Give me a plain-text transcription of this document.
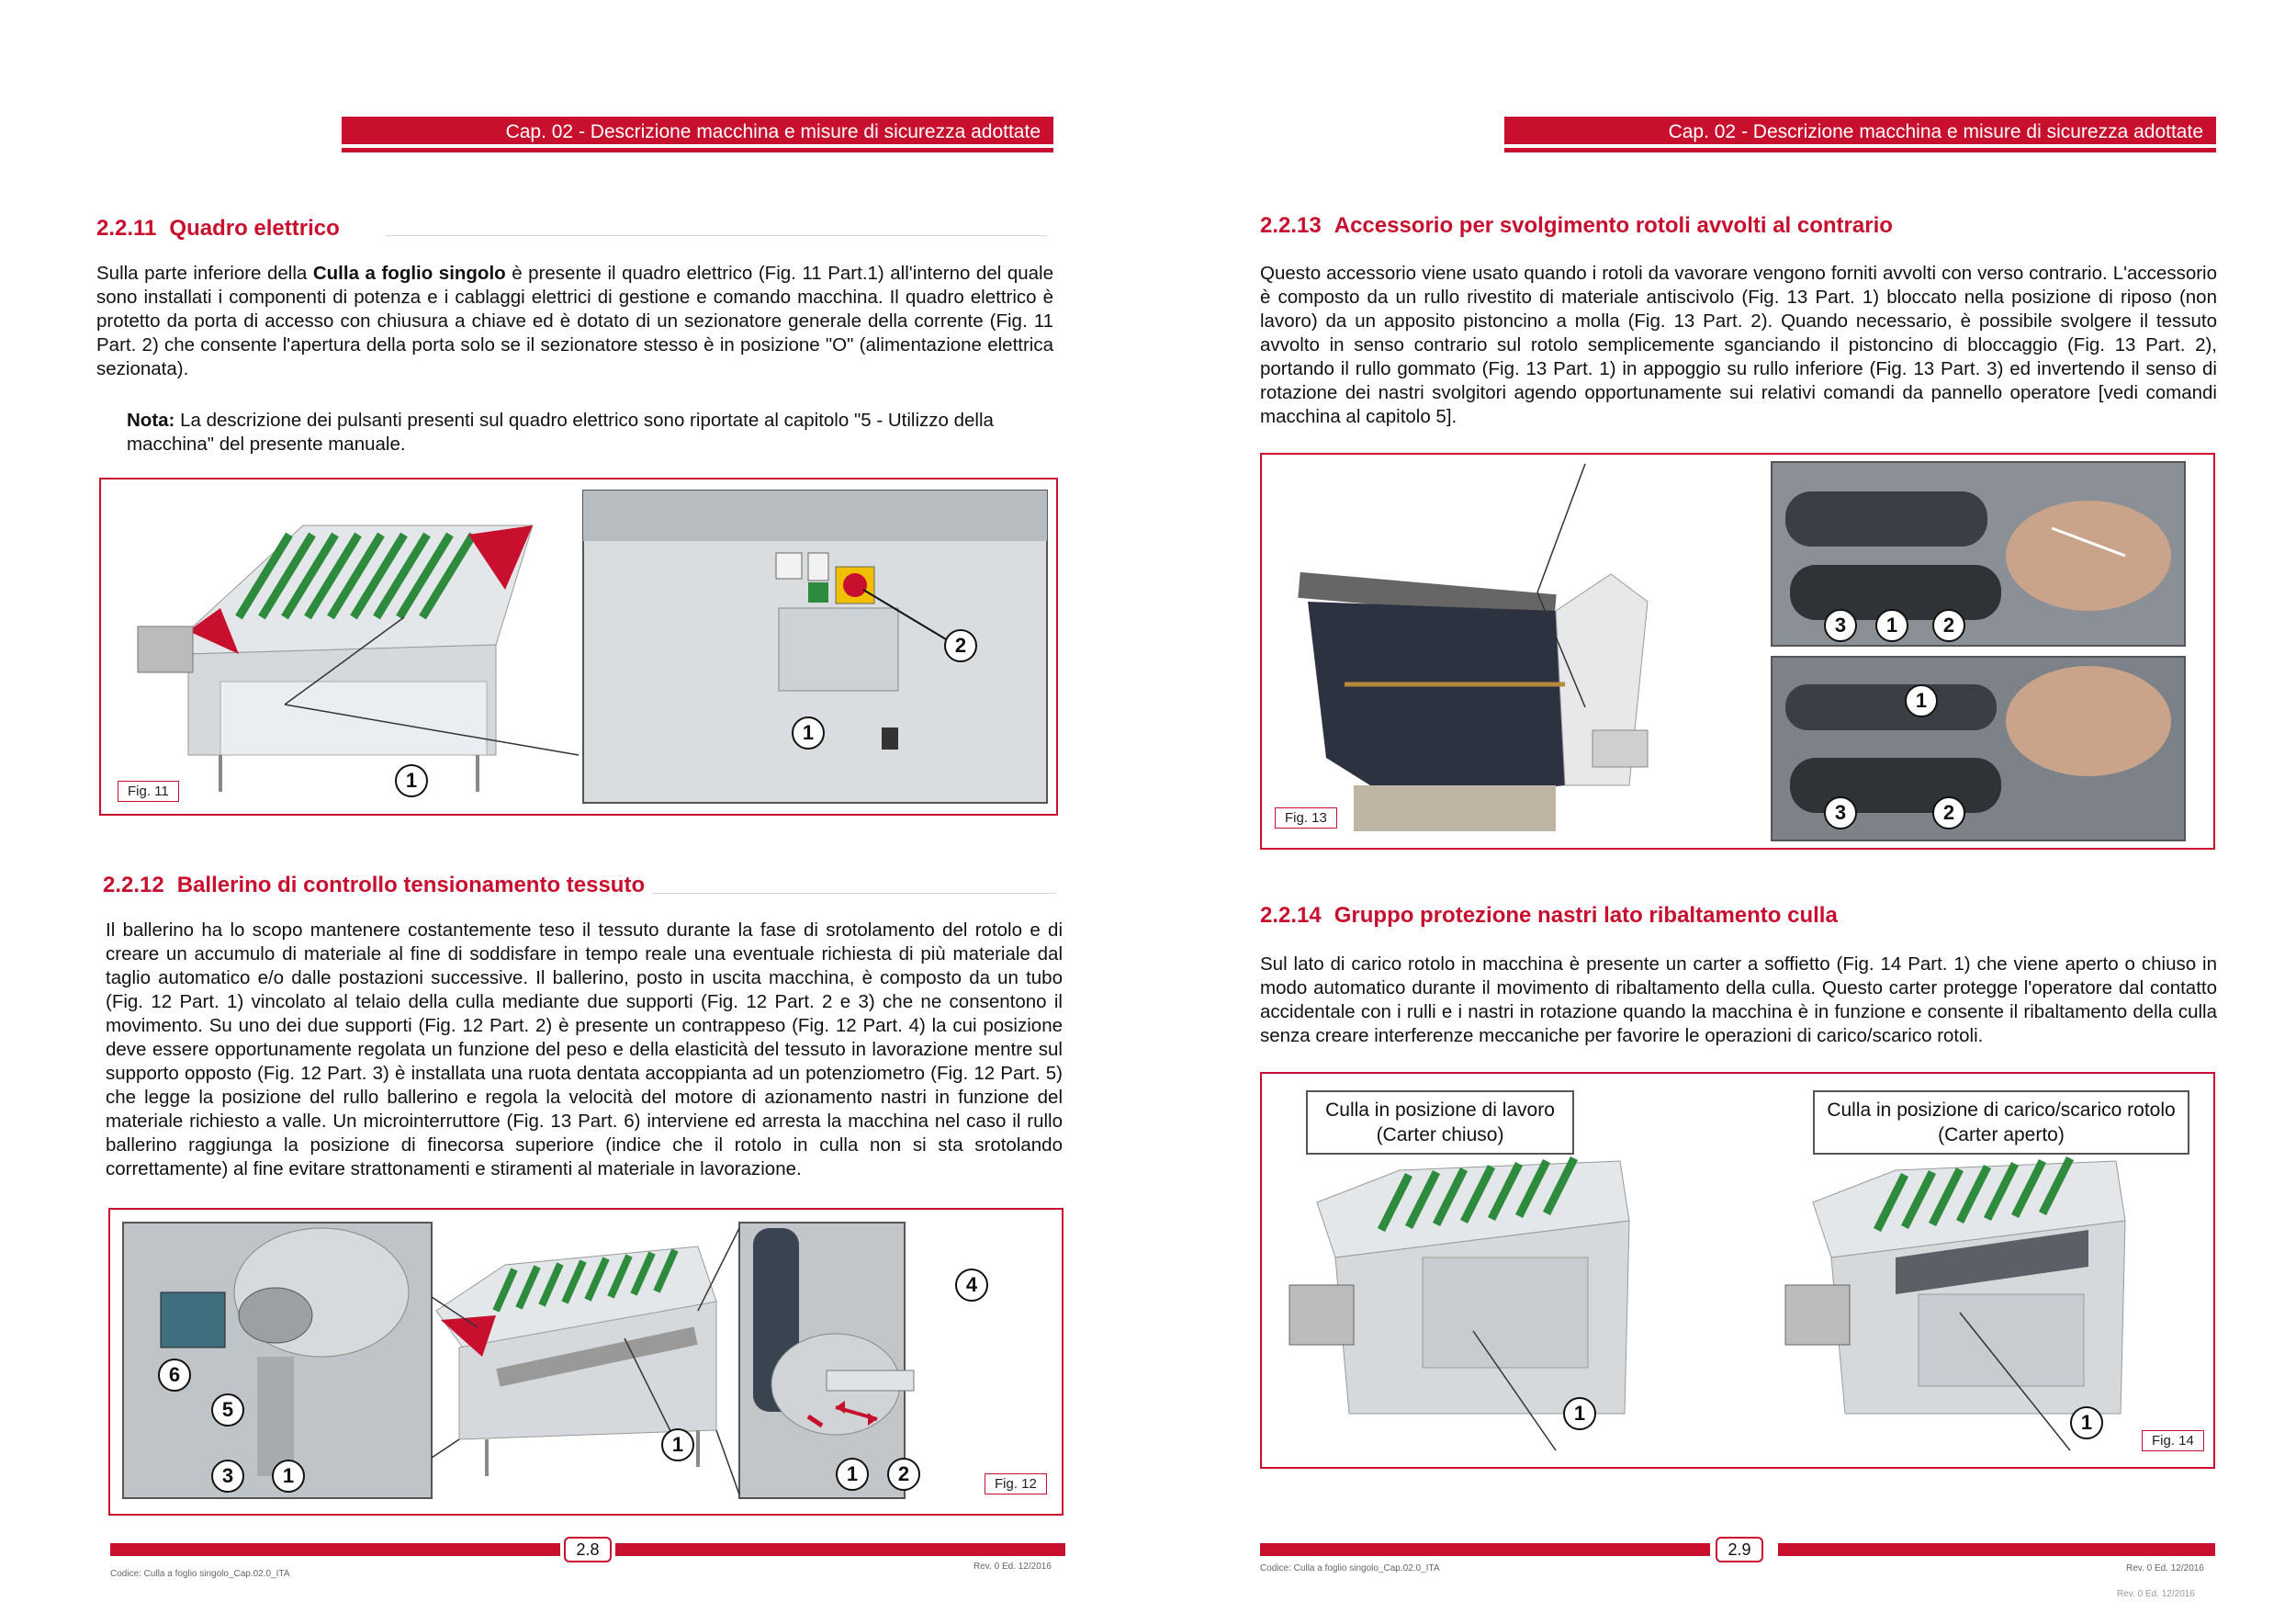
Cap. 02 - Descrizione macchina e misure di sicurezza adottate
2.2.11 Quadro elettrico

Sulla parte inferiore della Culla a foglio singolo è presente il quadro elettrico (Fig. 11 Part.1) all'interno del quale sono installati i componenti di potenza e i cablaggi elettrici di gestione e comando macchina. Il quadro elettrico è protetto da porta di accesso con chiusura a chiave ed è dotato di un sezionatore generale della corrente (Fig. 11 Part. 2) che consente l'apertura della porta solo se il sezionatore stesso è in posizione "O" (alimentazione elettrica sezionata).

Nota: La descrizione dei pulsanti presenti sul quadro elettrico sono riportate al capitolo "5 - Utilizzo della macchina" del presente manuale.
2
1
1
Fig. 11
2.2.12 Ballerino di controllo tensionamento tessuto

Il ballerino ha lo scopo mantenere costantemente teso il tessuto durante la fase di srotolamento del rotolo e di creare un accumulo di materiale al fine di soddisfare in tempo reale una eventuale richiesta di più materiale dal taglio automatico e/o dalle postazioni successive. Il ballerino, posto in uscita macchina, è composto da un tubo (Fig. 12 Part. 1) vincolato al telaio della culla mediante due supporti (Fig. 12 Part. 2 e 3) che ne consentono il movimento. Su uno dei due supporti (Fig. 12 Part. 2) è presente un contrappeso (Fig. 12 Part. 4) la cui posizione deve essere opportunamente regolata un funzione del peso e della elasticità del tessuto in lavorazione mentre sul supporto opposto (Fig. 12 Part. 3) è installata una ruota dentata accoppianta ad un potenziometro (Fig. 12 Part. 5) che legge la posizione del rullo ballerino e regola la velocità del motore di azionamento nastri in funzione del materiale richiesto a valle. Un microinterruttore (Fig. 13 Part. 6) interviene ed arresta la macchina nel caso il rullo ballerino raggiunga la posizione di finecorsa superiore (indice che il rotolo in culla non si sta srotolando correttamente) al fine evitare strattonamenti e stiramenti al materiale in lavorazione.

6
5
3	1
1
4
1	2	Fig. 12
2.8
Codice: Culla a foglio singolo_Cap.02.0_ITA
Rev. 0 Ed. 12/2016
Cap. 02 - Descrizione macchina e misure di sicurezza adottate
2.2.13 Accessorio per svolgimento rotoli avvolti al contrario

Questo accessorio viene usato quando i rotoli da vavorare vengono forniti avvolti con verso contrario. L'accessorio è composto da un rullo rivestito di materiale antiscivolo (Fig. 13 Part. 1) bloccato nella posizione di riposo (non lavoro) da un apposito pistoncino a molla (Fig. 13 Part. 2). Quando necessario, è possibile svolgere il tessuto avvolto in senso contrario sul rotolo semplicemente sganciando il pistoncino di bloccaggio (Fig. 13 Part. 2), portando il rullo gommato (Fig. 13 Part. 1) in appoggio su rullo inferiore (Fig. 13 Part. 3) ed invertendo il senso di rotazione dei nastri svolgitori agendo opportunamente sui relativi comandi da pannello operatore [vedi comandi macchina al capitolo 5].

3	1	2
1
3	2
Fig. 13
2.2.14 Gruppo protezione nastri lato ribaltamento culla

Sul lato di carico rotolo in macchina è presente un carter a soffietto (Fig. 14 Part. 1) che viene aperto o chiuso in modo automatico durante il movimento di ribaltamento della culla. Questo carter protegge l'operatore dal contatto accidentale con i rulli e i nastri in rotazione quando la macchina è in funzione e consente il ribaltamento della culla senza creare interferenze meccaniche per favorire le operazioni di carico/scarico rotoli.

Culla in posizione di lavoro
(Carter chiuso)
Culla in posizione di carico/scarico rotolo
(Carter aperto)
1	1
Fig. 14
2.9
Codice: Culla a foglio singolo_Cap.02.0_ITA	Rev. 0 Ed. 12/2016
Rev. 0 Ed. 12/2016
